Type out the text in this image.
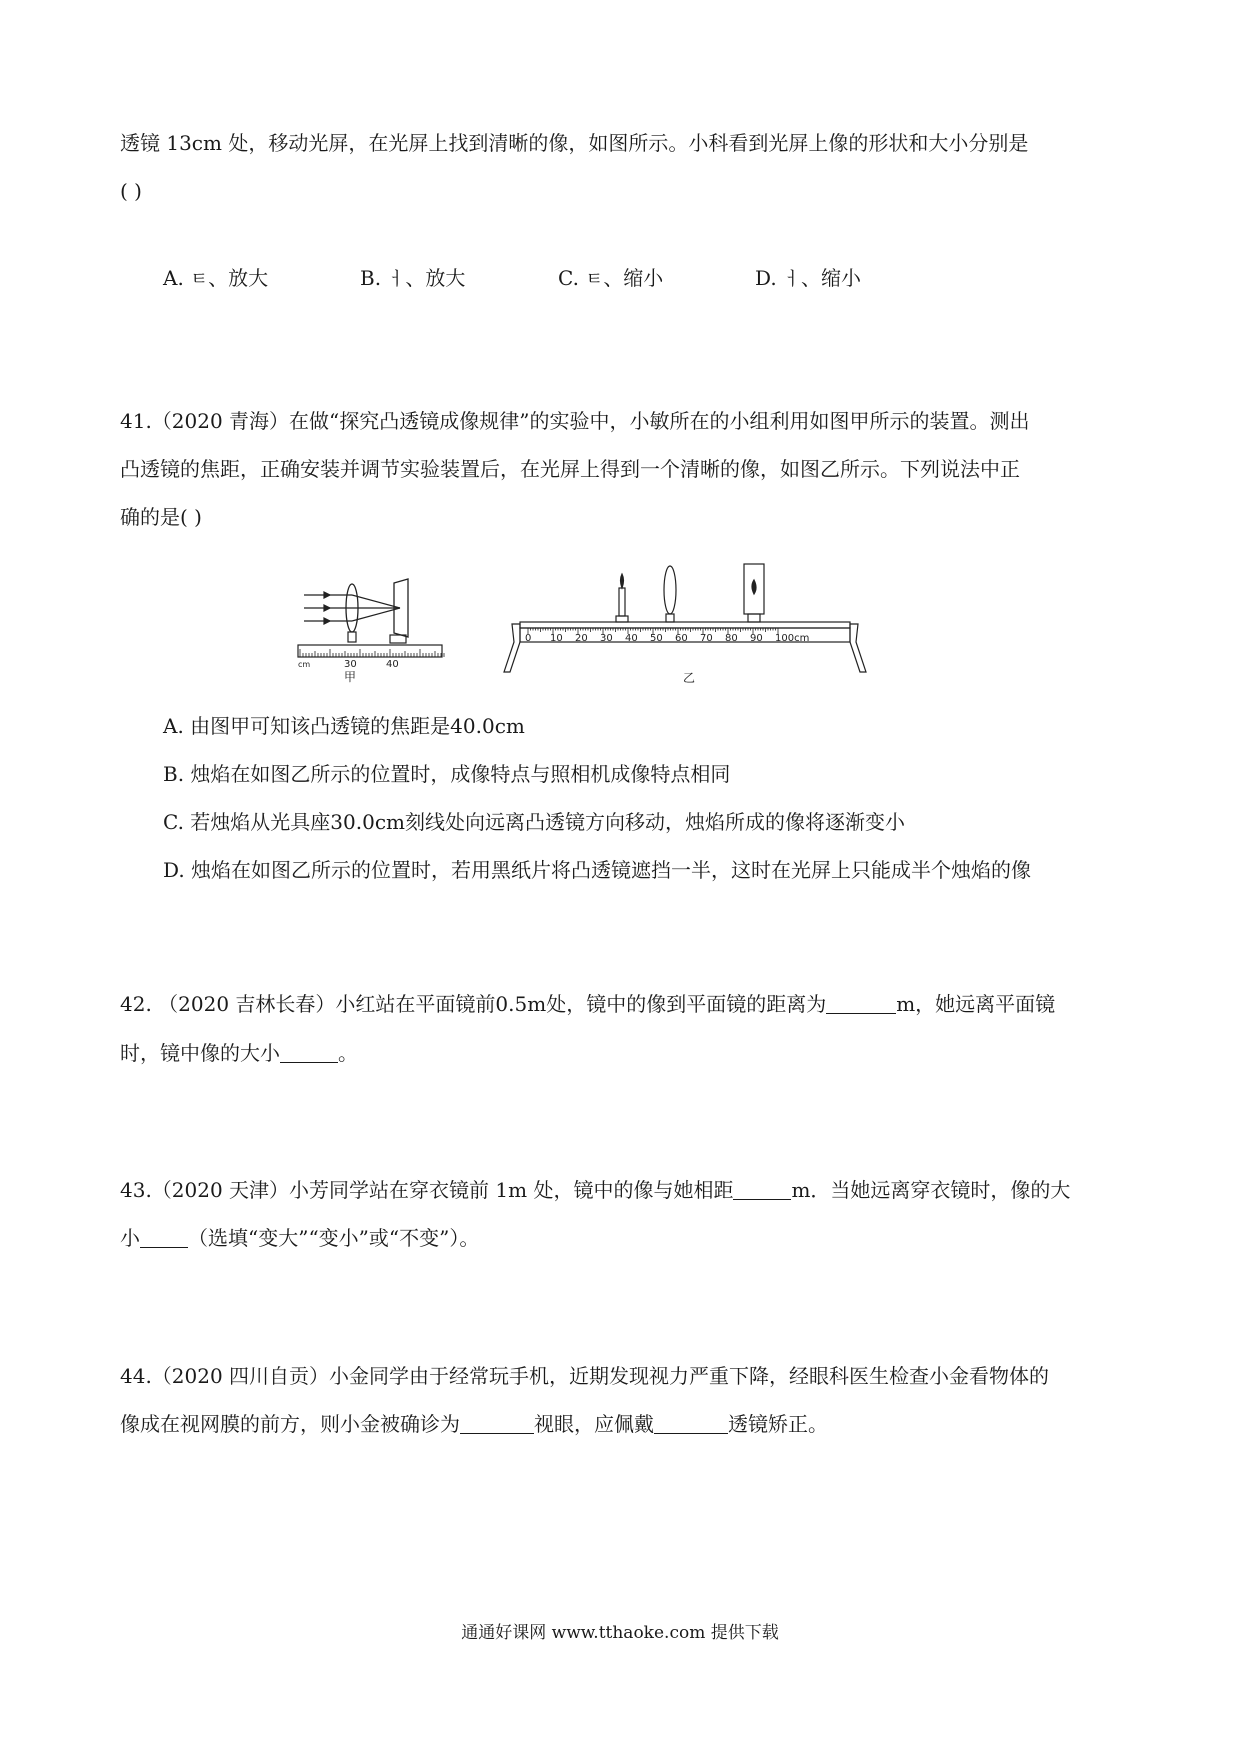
透镜 13cm 处，移动光屏，在光屏上找到清晰的像，如图所示。小科看到光屏上像的形状和大小分别是
( )
A. ㅌ、放大	B. ㅓ、放大	C. ㅌ、缩小	D. ㅓ、缩小
41.（2020 青海）在做“探究凸透镜成像规律”的实验中，小敏所在的小组利用如图甲所示的装置。测出
凸透镜的焦距，正确安装并调节实验装置后，在光屏上得到一个清晰的像，如图乙所示。下列说法中正
确的是( )
cm	30	40
甲
0 10 20 30 40 50 60 70 80 90 100cm
乙
A. 由图甲可知该凸透镜的焦距是40.0cm
B. 烛焰在如图乙所示的位置时，成像特点与照相机成像特点相同
C. 若烛焰从光具座30.0cm刻线处向远离凸透镜方向移动，烛焰所成的像将逐渐变小
D. 烛焰在如图乙所示的位置时，若用黑纸片将凸透镜遮挡一半，这时在光屏上只能成半个烛焰的像
42. （2020 吉林长春）小红站在平面镜前0.5m处，镜中的像到平面镜的距离为	m，她远离平面镜
时，镜中像的大小	。
43.（2020 天津）小芳同学站在穿衣镜前 1m 处，镜中的像与她相距	m．当她远离穿衣镜时，像的大
小 （选填“变大”“变小”或“不变”）。
44.（2020 四川自贡）小金同学由于经常玩手机，近期发现视力严重下降，经眼科医生检查小金看物体的
像成在视网膜的前方，则小金被确诊为	视眼，应佩戴	透镜矫正。
通通好课网 www.tthaoke.com 提供下载
